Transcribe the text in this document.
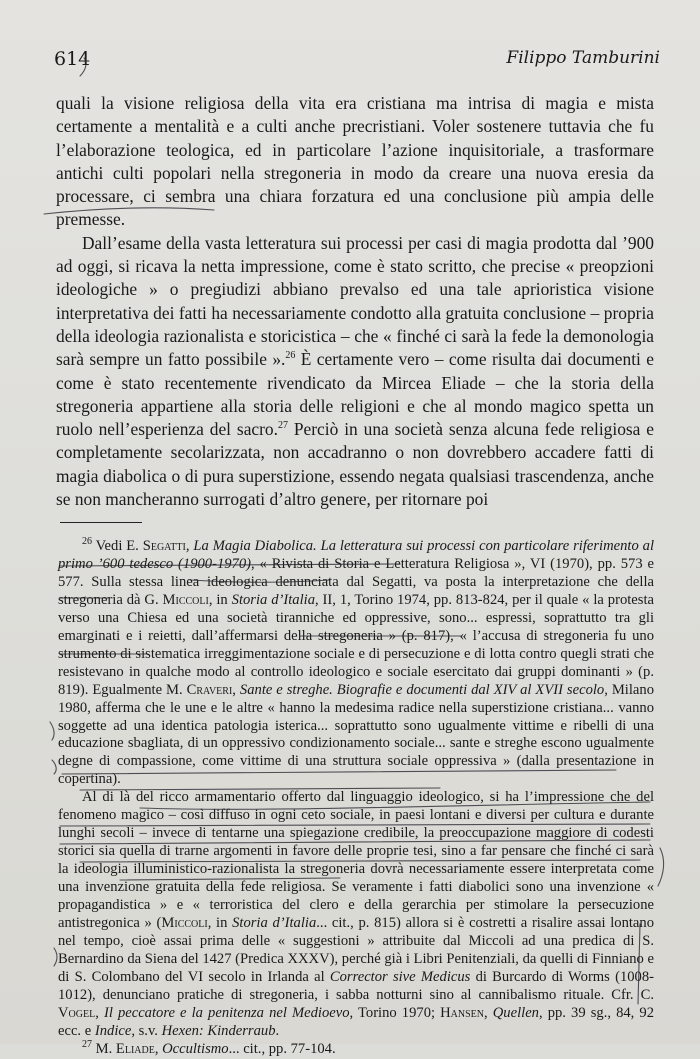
614	Filippo Tamburini

quali la visione religiosa della vita era cristiana ma intrisa di magia e mista certamente a mentalità e a culti anche precristiani. Voler sostenere tuttavia che fu l’elaborazione teologica, ed in particolare l’azione inquisitoriale, a trasformare antichi culti popolari nella stregoneria in modo da creare una nuova eresia da processare, ci sembra una chiara forzatura ed una conclusione più ampia delle premesse.

Dall’esame della vasta letteratura sui processi per casi di magia prodotta dal ’900 ad oggi, si ricava la netta impressione, come è stato scritto, che precise « preopzioni ideologiche » o pregiudizi abbiano prevalso ed una tale aprioristica visione interpretativa dei fatti ha necessariamente condotto alla gratuita conclusione – propria della ideologia razionalista e storicistica – che « finché ci sarà la fede la demonologia sarà sempre un fatto possibile ».$^{26}$ È certamente vero – come risulta dai documenti e come è stato recentemente rivendicato da Mircea Eliade – che la storia della stregoneria appartiene alla storia delle religioni e che al mondo magico spetta un ruolo nell’esperienza del sacro.$^{27}$ Perciò in una società senza alcuna fede religiosa e completamente secolarizzata, non accadranno o non dovrebbero accadere fatti di magia diabolica o di pura superstizione, essendo negata qualsiasi trascendenza, anche se non mancheranno surrogati d’altro genere, per ritornare poi

$^{26}$ Vedi E. Segatti, La Magia Diabolica. La letteratura sui processi con particolare riferimento al primo ’600 tedesco (1900-1970), « Rivista di Storia e Letteratura Religiosa », VI (1970), pp. 573 e 577. Sulla stessa linea ideologica denunciata dal Segatti, va posta la interpretazione che della stregoneria dà G. Miccoli, in Storia d’Italia, II, 1, Torino 1974, pp. 813-824, per il quale « la protesta verso una Chiesa ed una società tiranniche ed oppressive, sono... espressi, soprattutto tra gli emarginati e i reietti, dall’affermarsi della stregoneria » (p. 817), « l’accusa di stregoneria fu uno strumento di sistematica irreggimentazione sociale e di persecuzione e di lotta contro quegli strati che resistevano in qualche modo al controllo ideologico e sociale esercitato dai gruppi dominanti » (p. 819). Egualmente M. Craveri, Sante e streghe. Biografie e documenti dal XIV al XVII secolo, Milano 1980, afferma che le une e le altre « hanno la medesima radice nella superstizione cristiana... vanno soggette ad una identica patologia isterica... soprattutto sono ugualmente vittime e ribelli di una educazione sbagliata, di un oppressivo condizionamento sociale... sante e streghe escono ugualmente degne di compassione, come vittime di una struttura sociale oppressiva » (dalla presentazione in copertina).

Al di là del ricco armamentario offerto dal linguaggio ideologico, si ha l’impressione che del fenomeno magico – così diffuso in ogni ceto sociale, in paesi lontani e diversi per cultura e durante lunghi secoli – invece di tentarne una spiegazione credibile, la preoccupazione maggiore di codesti storici sia quella di trarne argomenti in favore delle proprie tesi, sino a far pensare che finché ci sarà la ideologia illuministico-razionalista la stregoneria dovrà necessariamente essere interpretata come una invenzione gratuita della fede religiosa. Se veramente i fatti diabolici sono una invenzione « propagandistica » e « terroristica del clero e della gerarchia per stimolare la persecuzione antistregonica » (Miccoli, in Storia d’Italia... cit., p. 815) allora si è costretti a risalire assai lontano nel tempo, cioè assai prima delle « suggestioni » attribuite dal Miccoli ad una predica di S. Bernardino da Siena del 1427 (Predica XXXV), perché già i Libri Penitenziali, da quelli di Finniano e di S. Colombano del VI secolo in Irlanda al Corrector sive Medicus di Burcardo di Worms (1008-1012), denunciano pratiche di stregoneria, i sabba notturni sino al cannibalismo rituale. Cfr. C. Vogel, Il peccatore e la penitenza nel Medioevo, Torino 1970; Hansen, Quellen, pp. 39 sg., 84, 92 ecc. e Indice, s.v. Hexen: Kinderraub.

$^{27}$ M. Eliade, Occultismo... cit., pp. 77-104.
